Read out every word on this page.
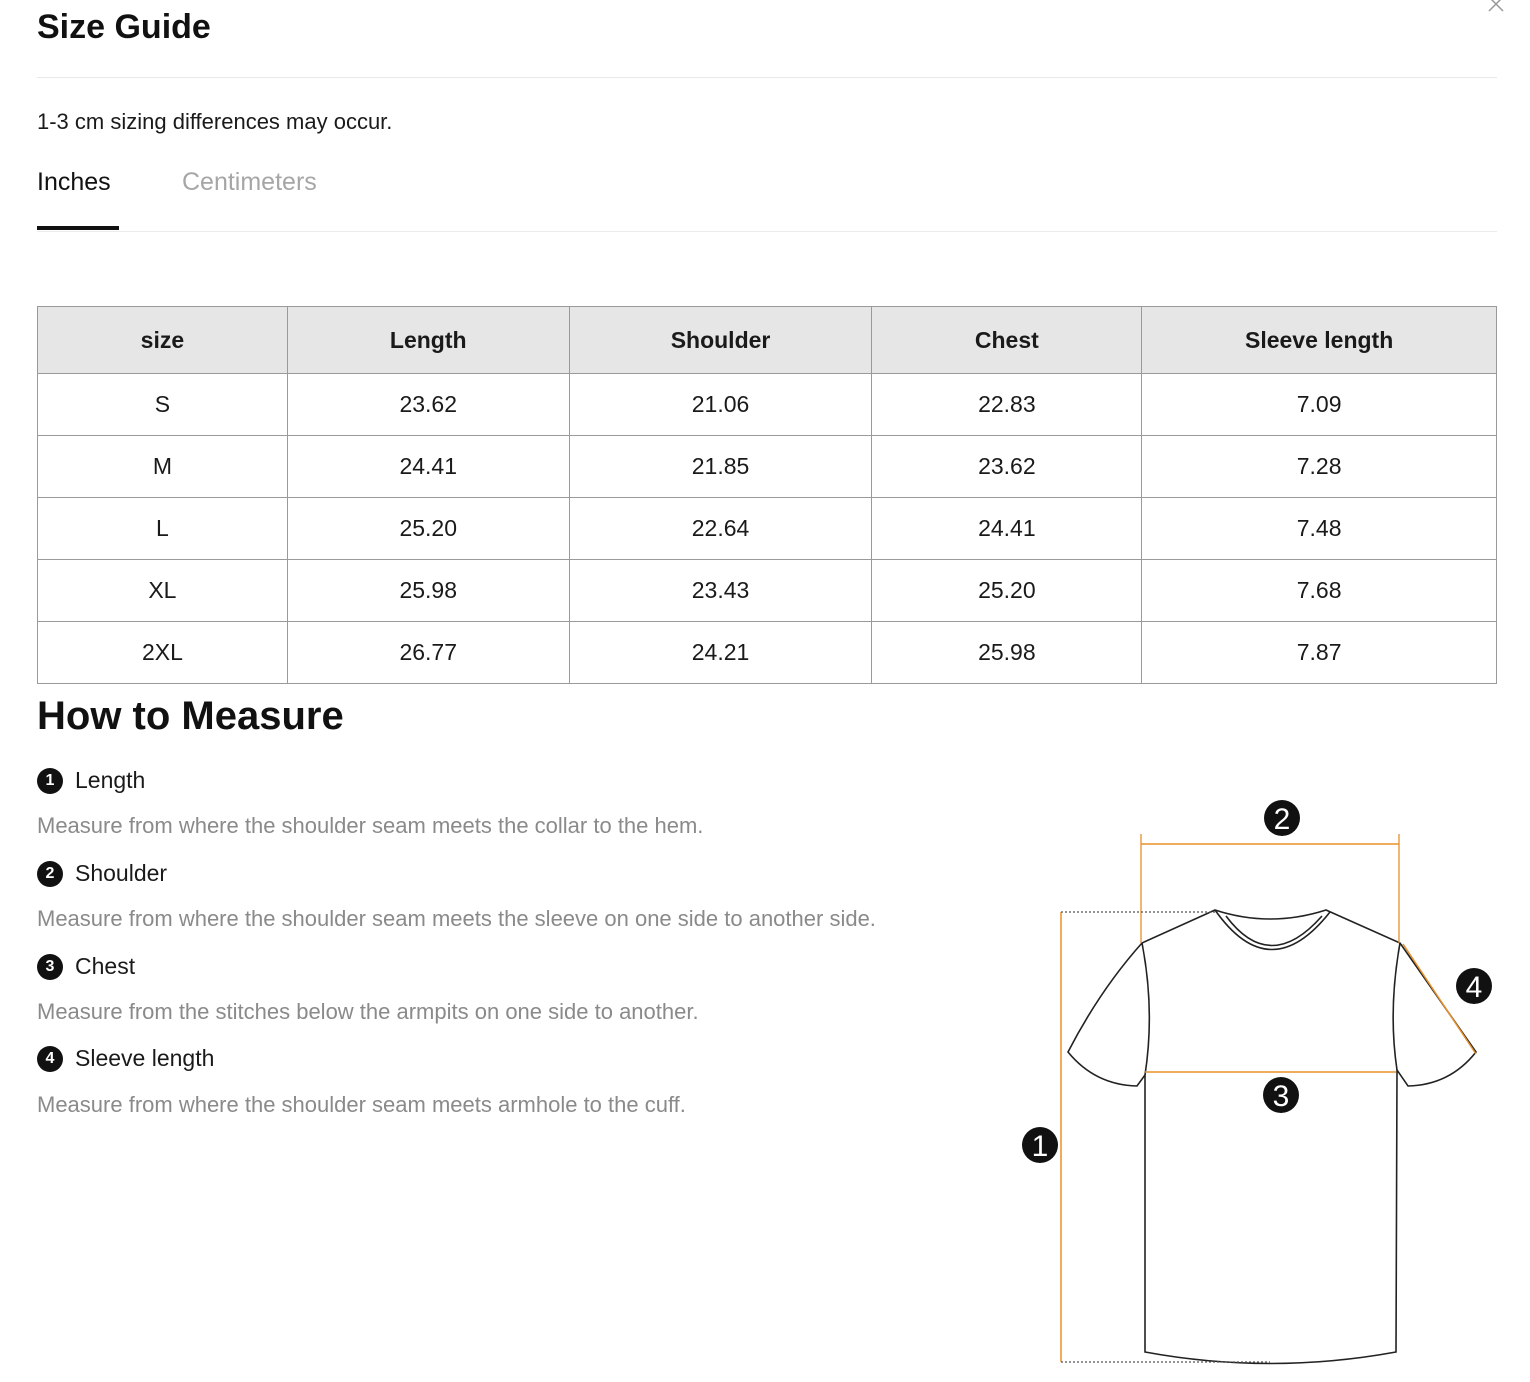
Size Guide
1-3 cm sizing differences may occur.
Inches	Centimeters
size	Length	Shoulder	Chest	Sleeve length
S	23.62	21.06	22.83	7.09
M	24.41	21.85	23.62	7.28
L	25.20	22.64	24.41	7.48
XL	25.98	23.43	25.20	7.68
2XL	26.77	24.21	25.98	7.87
How to Measure
1 Length
Measure from where the shoulder seam meets the collar to the hem.
2 Shoulder
Measure from where the shoulder seam meets the sleeve on one side to another side.
3 Chest
Measure from the stitches below the armpits on one side to another.
4 Sleeve length
Measure from where the shoulder seam meets armhole to the cuff.
2
4
3
1
